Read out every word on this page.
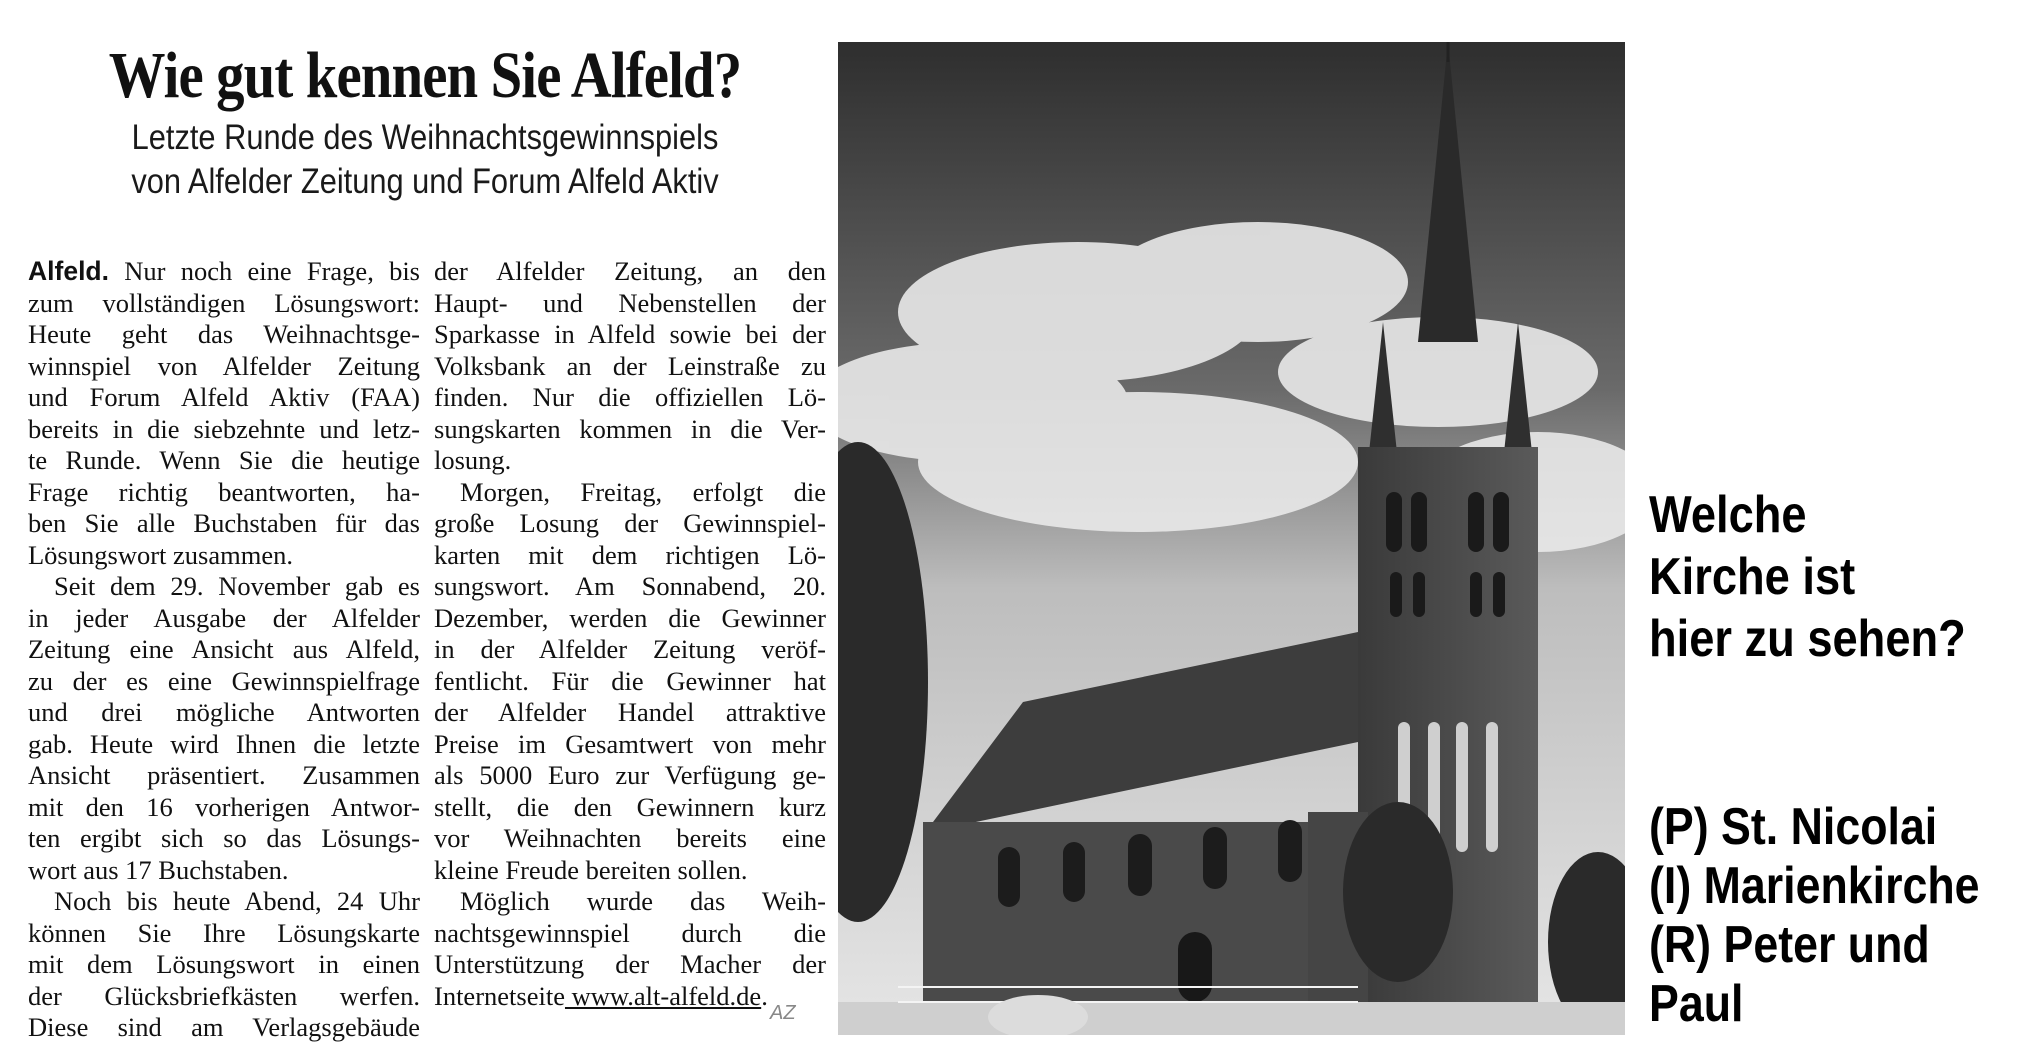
Wie gut kennen Sie Alfeld?
Letzte Runde des Weihnachtsgewinnspiels
von Alfelder Zeitung und Forum Alfeld Aktiv
Alfeld. Nur noch eine Frage, bis
zum vollständigen Lösungswort:
Heute geht das Weihnachtsge-
winnspiel von Alfelder Zeitung
und Forum Alfeld Aktiv (FAA)
bereits in die siebzehnte und letz-
te Runde. Wenn Sie die heutige
Frage richtig beantworten, ha-
ben Sie alle Buchstaben für das
Lösungswort zusammen.
Seit dem 29. November gab es
in jeder Ausgabe der Alfelder
Zeitung eine Ansicht aus Alfeld,
zu der es eine Gewinnspielfrage
und drei mögliche Antworten
gab. Heute wird Ihnen die letzte
Ansicht präsentiert. Zusammen
mit den 16 vorherigen Antwor-
ten ergibt sich so das Lösungs-
wort aus 17 Buchstaben.
Noch bis heute Abend, 24 Uhr
können Sie Ihre Lösungskarte
mit dem Lösungswort in einen
der Glücksbriefkästen werfen.
Diese sind am Verlagsgebäude
der Alfelder Zeitung, an den
Haupt- und Nebenstellen der
Sparkasse in Alfeld sowie bei der
Volksbank an der Leinstraße zu
finden. Nur die offiziellen Lö-
sungskarten kommen in die Ver-
losung.
Morgen, Freitag, erfolgt die
große Losung der Gewinnspiel-
karten mit dem richtigen Lö-
sungswort. Am Sonnabend, 20.
Dezember, werden die Gewinner
in der Alfelder Zeitung veröf-
fentlicht. Für die Gewinner hat
der Alfelder Handel attraktive
Preise im Gesamtwert von mehr
als 5000 Euro zur Verfügung ge-
stellt, die den Gewinnern kurz
vor Weihnachten bereits eine
kleine Freude bereiten sollen.
Möglich wurde das Weih-
nachtsgewinnspiel durch die
Unterstützung der Macher der
Internetseite www.alt-alfeld.de.
AZ
Welche
Kirche ist
hier zu sehen?
(P) St. Nicolai
(I) Marienkirche
(R) Peter und
Paul
